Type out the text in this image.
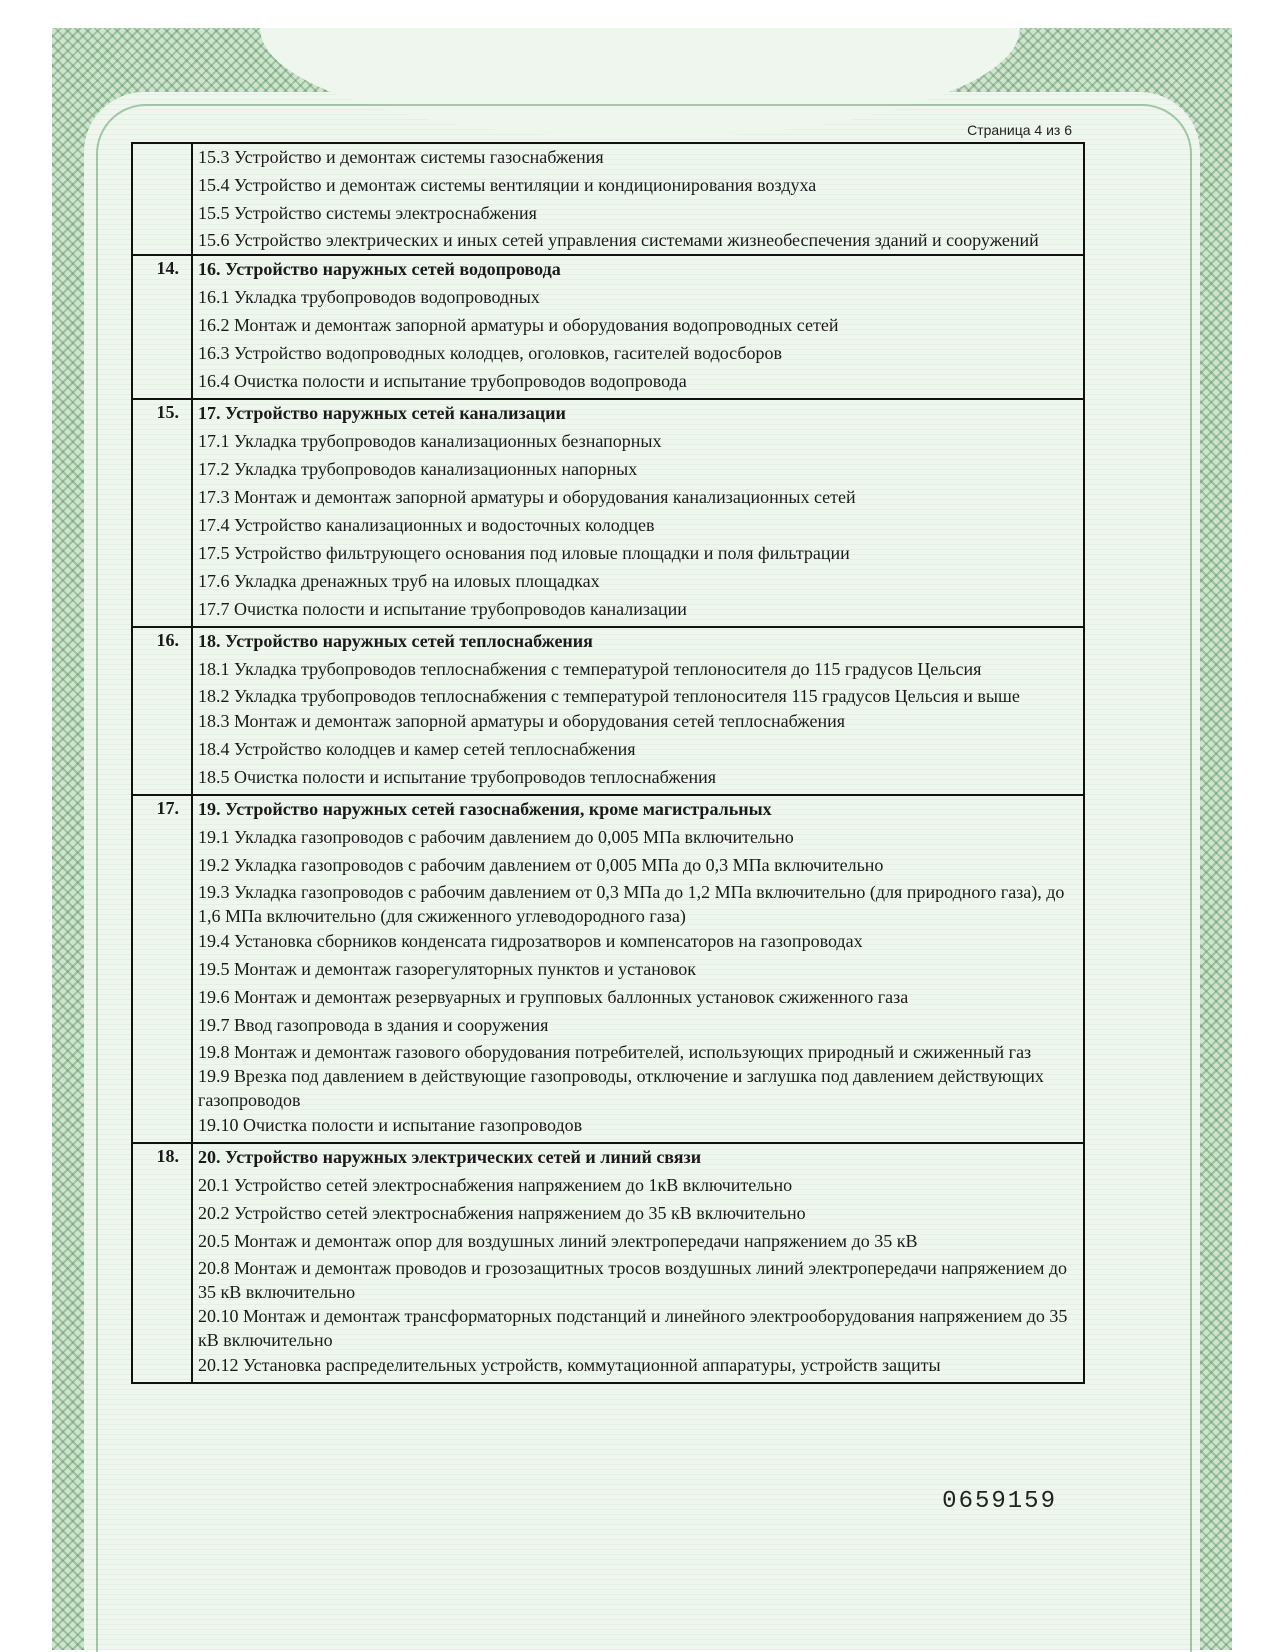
Страница 4 из 6
15.3 Устройство и демонтаж системы газоснабжения
15.4 Устройство и демонтаж системы вентиляции и кондиционирования воздуха
15.5 Устройство системы электроснабжения
15.6 Устройство электрических и иных сетей управления системами жизнеобеспечения зданий и сооружений
14.	16. Устройство наружных сетей водопровода
16.1 Укладка трубопроводов водопроводных
16.2 Монтаж и демонтаж запорной арматуры и оборудования водопроводных сетей
16.3 Устройство водопроводных колодцев, оголовков, гасителей водосборов
16.4 Очистка полости и испытание трубопроводов водопровода
15.	17. Устройство наружных сетей канализации
17.1 Укладка трубопроводов канализационных безнапорных
17.2 Укладка трубопроводов канализационных напорных
17.3 Монтаж и демонтаж запорной арматуры и оборудования канализационных сетей
17.4 Устройство канализационных и водосточных колодцев
17.5 Устройство фильтрующего основания под иловые площадки и поля фильтрации
17.6 Укладка дренажных труб на иловых площадках
17.7 Очистка полости и испытание трубопроводов канализации
16.	18. Устройство наружных сетей теплоснабжения
18.1 Укладка трубопроводов теплоснабжения с температурой теплоносителя до 115 градусов Цельсия
18.2 Укладка трубопроводов теплоснабжения с температурой теплоносителя 115 градусов Цельсия и выше
18.3 Монтаж и демонтаж запорной арматуры и оборудования сетей теплоснабжения
18.4 Устройство колодцев и камер сетей теплоснабжения
18.5 Очистка полости и испытание трубопроводов теплоснабжения
17.	19. Устройство наружных сетей газоснабжения, кроме магистральных
19.1 Укладка газопроводов с рабочим давлением до 0,005 МПа включительно
19.2 Укладка газопроводов с рабочим давлением от 0,005 МПа до 0,3 МПа включительно
19.3 Укладка газопроводов с рабочим давлением от 0,3 МПа до 1,2 МПа включительно (для природного газа), до 1,6 МПа включительно (для сжиженного углеводородного газа)
19.4 Установка сборников конденсата гидрозатворов и компенсаторов на газопроводах
19.5 Монтаж и демонтаж газорегуляторных пунктов и установок
19.6 Монтаж и демонтаж резервуарных и групповых баллонных установок сжиженного газа
19.7 Ввод газопровода в здания и сооружения
19.8 Монтаж и демонтаж газового оборудования потребителей, использующих природный и сжиженный газ
19.9 Врезка под давлением в действующие газопроводы, отключение и заглушка под давлением действующих газопроводов
19.10 Очистка полости и испытание газопроводов
18.	20. Устройство наружных электрических сетей и линий связи
20.1 Устройство сетей электроснабжения напряжением до 1кВ включительно
20.2 Устройство сетей электроснабжения напряжением до 35 кВ включительно
20.5 Монтаж и демонтаж опор для воздушных линий электропередачи напряжением до 35 кВ
20.8 Монтаж и демонтаж проводов и грозозащитных тросов воздушных линий электропередачи напряжением до 35 кВ включительно
20.10 Монтаж и демонтаж трансформаторных подстанций и линейного электрооборудования напряжением до 35 кВ включительно
20.12 Установка распределительных устройств, коммутационной аппаратуры, устройств защиты
0659159
